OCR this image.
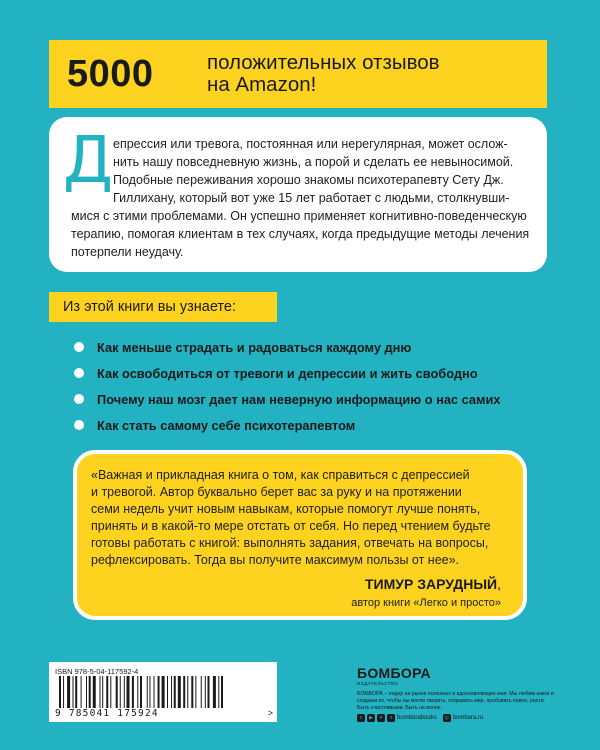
5000	положительных отзывов
на Amazon!
Д епрессия или тревога, постоянная или нерегулярная, может ослож-
нить нашу повседневную жизнь, а порой и сделать ее невыносимой.
Подобные переживания хорошо знакомы психотерапевту Сету Дж.
Гиллихану, который вот уже 15 лет работает с людьми, столкнувши-
мися с этими проблемами. Он успешно применяет когнитивно-поведенческую
терапию, помогая клиентам в тех случаях, когда предыдущие методы лечения
потерпели неудачу.
Из этой книги вы узнаете:
Как меньше страдать и радоваться каждому дню
Как освободиться от тревоги и депрессии и жить свободно
Почему наш мозг дает нам неверную информацию о нас самих
Как стать самому себе психотерапевтом
«Важная и прикладная книга о том, как справиться с депрессией
и тревогой. Автор буквально берет вас за руку и на протяжении
семи недель учит новым навыкам, которые помогут лучше понять,
принять и в какой-то мере отстать от себя. Но перед чтением будьте
готовы работать с книгой: выполнять задания, отвечать на вопросы,
рефлексировать. Тогда вы получите максимум пользы от нее».
ТИМУР ЗАРУДНЫЙ,
автор книги «Легко и просто»
ISBN 978-5-04-117592-4
9 785041 175924	>
БОМБОРА
ИЗДАТЕЛЬСТВО
БОМБОРА – лидер на рынке полезных и вдохновляющих книг. Мы любим книги и создаем их, чтобы вы могли творить, открывать мир, пробовать новое, расти. Быть счастливыми. Быть на волне.
v	▶	✈	o bomborabooks	◎ bombora.ru
